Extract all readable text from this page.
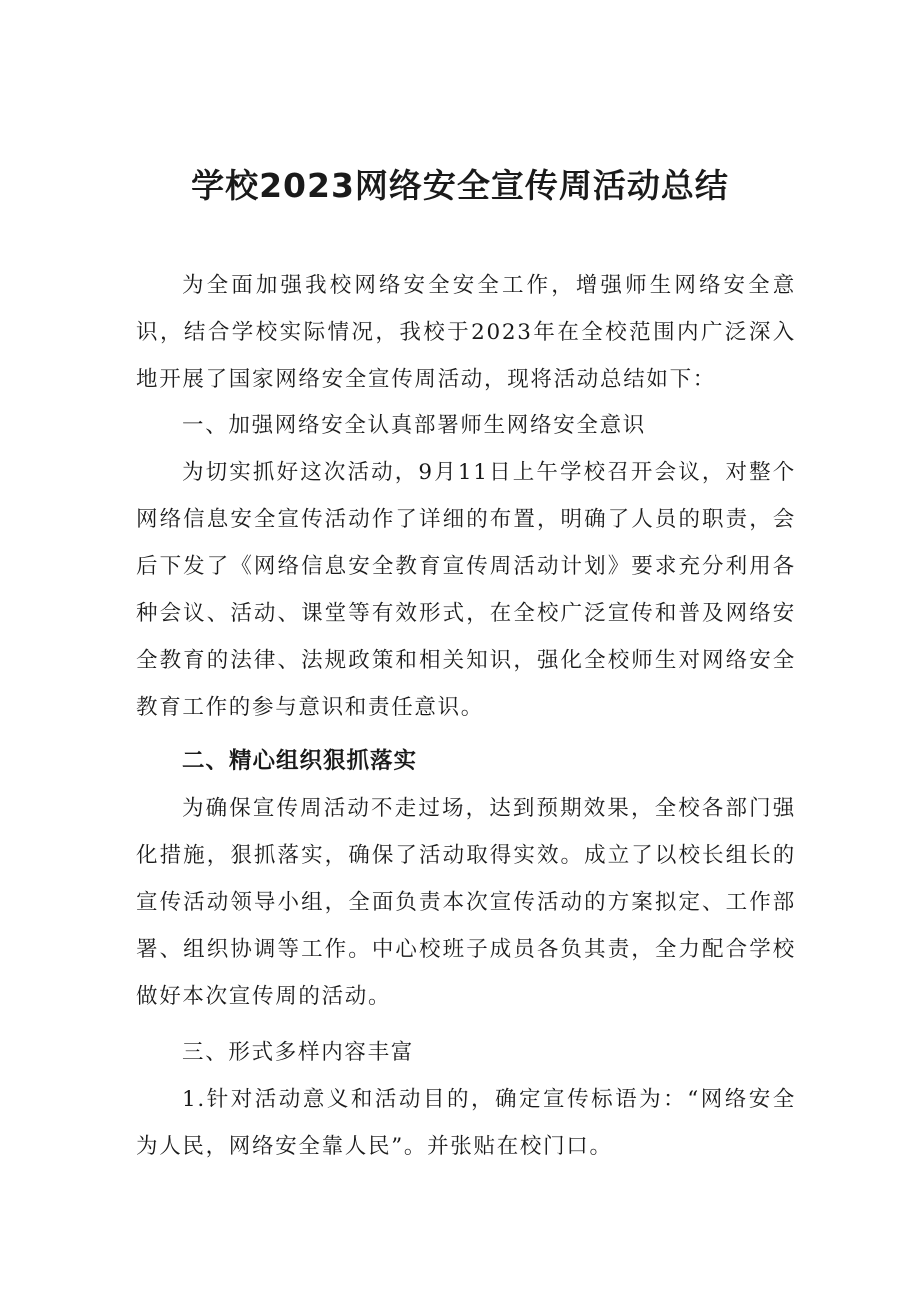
学校2023网络安全宣传周活动总结

为全面加强我校网络安全安全工作，增强师生网络安全意识，结合学校实际情况，我校于2023年在全校范围内广泛深入地开展了国家网络安全宣传周活动，现将活动总结如下：

一、加强网络安全认真部署师生网络安全意识

为切实抓好这次活动，9月11日上午学校召开会议，对整个网络信息安全宣传活动作了详细的布置，明确了人员的职责，会后下发了《网络信息安全教育宣传周活动计划》要求充分利用各种会议、活动、课堂等有效形式，在全校广泛宣传和普及网络安全教育的法律、法规政策和相关知识，强化全校师生对网络安全教育工作的参与意识和责任意识。

二、精心组织狠抓落实

为确保宣传周活动不走过场，达到预期效果，全校各部门强化措施，狠抓落实，确保了活动取得实效。成立了以校长组长的宣传活动领导小组，全面负责本次宣传活动的方案拟定、工作部署、组织协调等工作。中心校班子成员各负其责，全力配合学校做好本次宣传周的活动。

三、形式多样内容丰富

1.针对活动意义和活动目的，确定宣传标语为：“网络安全为人民，网络安全靠人民”。并张贴在校门口。
